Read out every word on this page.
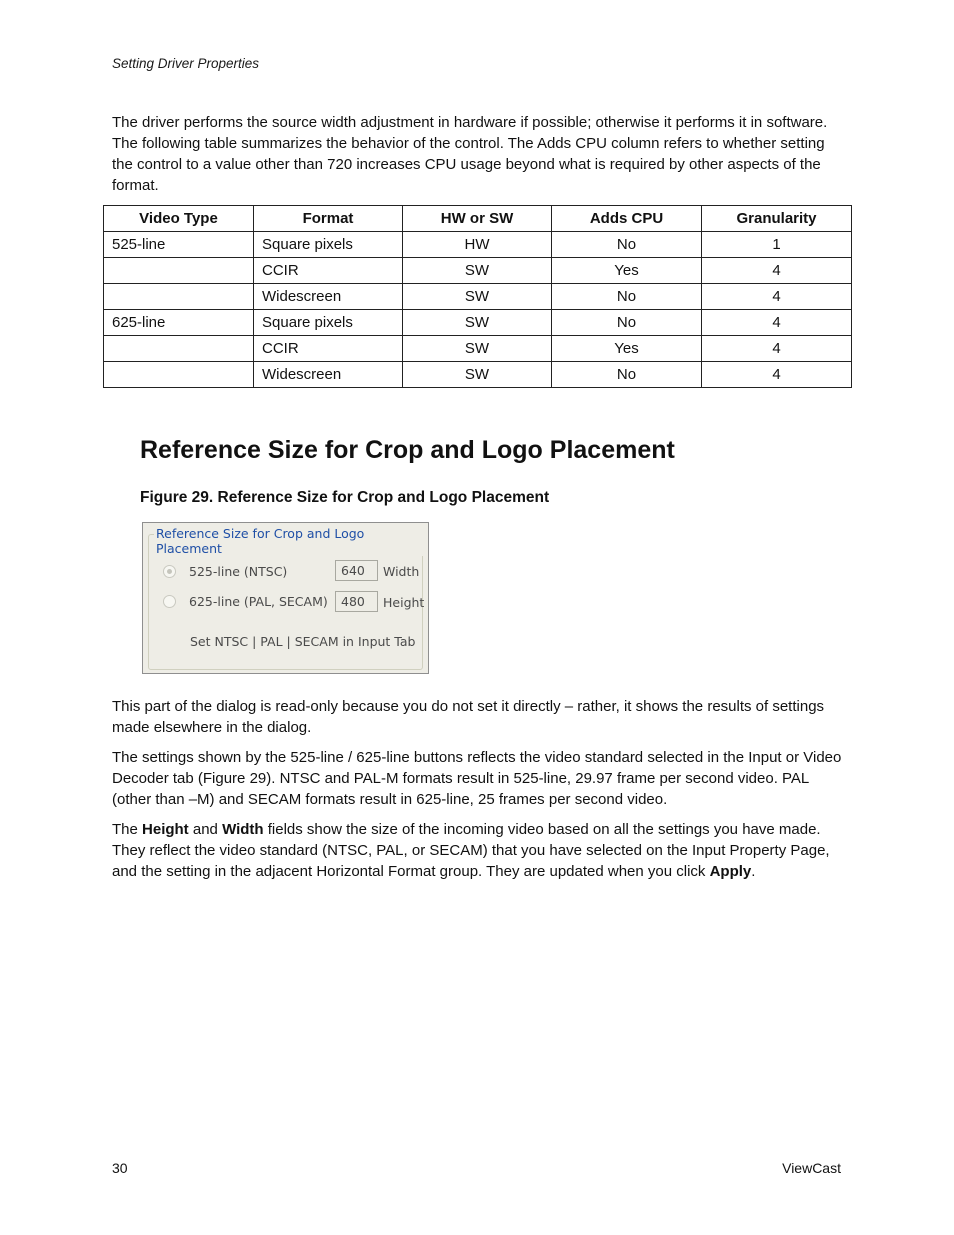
Setting Driver Properties

The driver performs the source width adjustment in hardware if possible; otherwise it performs it in software. The following table summarizes the behavior of the control. The Adds CPU column refers to whether setting the control to a value other than 720 increases CPU usage beyond what is required by other aspects of the format.

Video Type	Format	HW or SW	Adds CPU	Granularity
525-line	Square pixels	HW	No	1
	CCIR	SW	Yes	4
	Widescreen	SW	No	4
625-line	Square pixels	SW	No	4
	CCIR	SW	Yes	4
	Widescreen	SW	No	4
Reference Size for Crop and Logo Placement
Figure 29. Reference Size for Crop and Logo Placement
Reference Size for Crop and Logo Placement
525-line (NTSC)
625-line (PAL, SECAM)
640	Width
480	Height
Set NTSC | PAL | SECAM in Input Tab

This part of the dialog is read-only because you do not set it directly – rather, it shows the results of settings made elsewhere in the dialog.

The settings shown by the 525-line / 625-line buttons reflects the video standard selected in the Input or Video Decoder tab (Figure 29). NTSC and PAL-M formats result in 525-line, 29.97 frame per second video. PAL (other than –M) and SECAM formats result in 625-line, 25 frames per second video.

The Height and Width fields show the size of the incoming video based on all the settings you have made. They reflect the video standard (NTSC, PAL, or SECAM) that you have selected on the Input Property Page, and the setting in the adjacent Horizontal Format group. They are updated when you click Apply.

30	ViewCast
